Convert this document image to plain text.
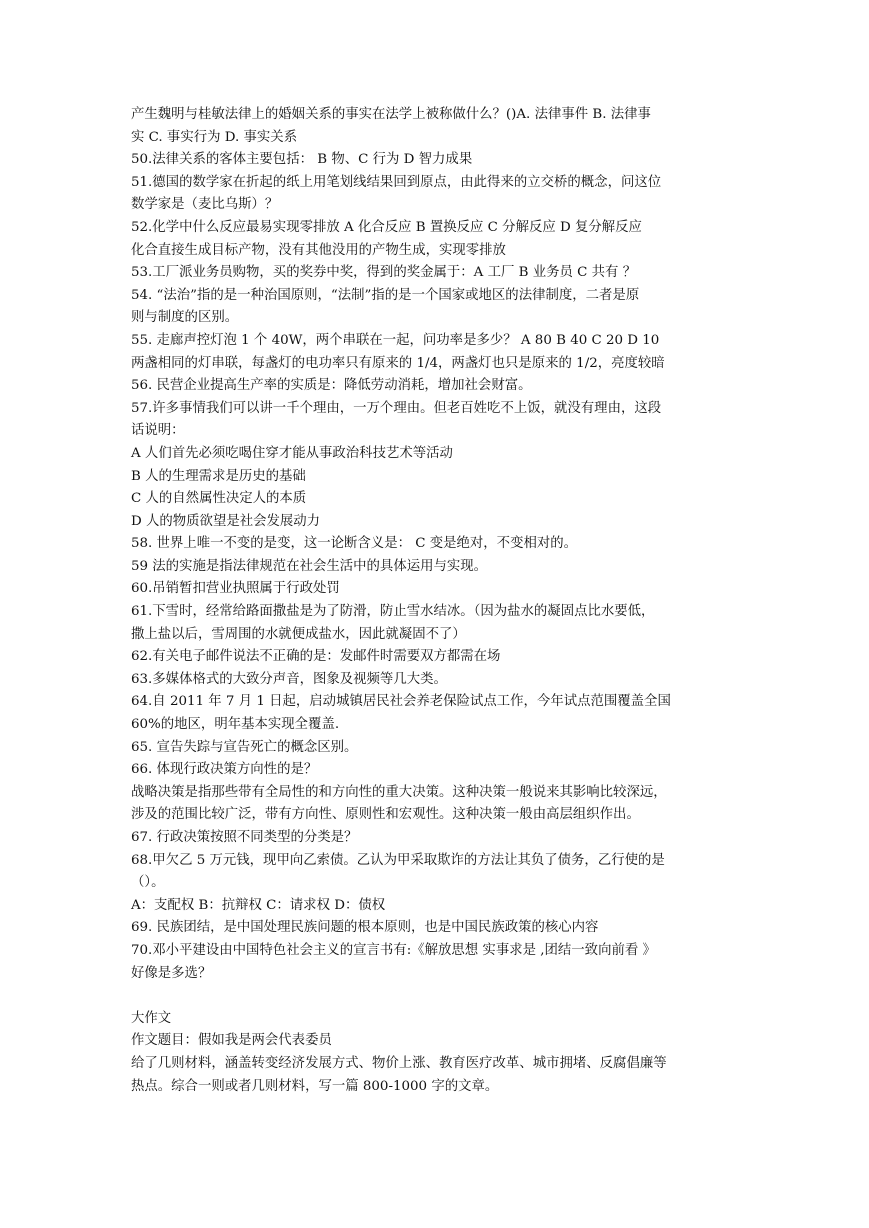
产生魏明与桂敏法律上的婚姻关系的事实在法学上被称做什么？()A. 法律事件 B. 法律事
实 C. 事实行为 D. 事实关系
50.法律关系的客体主要包括： B 物、C 行为 D 智力成果
51.德国的数学家在折起的纸上用笔划线结果回到原点，由此得来的立交桥的概念，问这位
数学家是（麦比乌斯）？
52.化学中什么反应最易实现零排放 A 化合反应 B 置换反应 C 分解反应 D 复分解反应
化合直接生成目标产物，没有其他没用的产物生成，实现零排放
53.工厂派业务员购物，买的奖券中奖，得到的奖金属于：A 工厂 B 业务员 C 共有 ？
54. “法治”指的是一种治国原则，“法制”指的是一个国家或地区的法律制度，二者是原
则与制度的区别。
55. 走廊声控灯泡 1 个 40W，两个串联在一起，问功率是多少？ A 80 B 40 C 20 D 10
两盏相同的灯串联，每盏灯的电功率只有原来的 1/4，两盏灯也只是原来的 1/2，亮度较暗
56. 民营企业提高生产率的实质是：降低劳动消耗，增加社会财富。
57.许多事情我们可以讲一千个理由，一万个理由。但老百姓吃不上饭，就没有理由，这段
话说明：
A 人们首先必须吃喝住穿才能从事政治科技艺术等活动
B 人的生理需求是历史的基础
C 人的自然属性决定人的本质
D 人的物质欲望是社会发展动力
58. 世界上唯一不变的是变，这一论断含义是： C 变是绝对，不变相对的。
59 法的实施是指法律规范在社会生活中的具体运用与实现。
60.吊销暂扣营业执照属于行政处罚
61.下雪时，经常给路面撒盐是为了防滑，防止雪水结冰。（因为盐水的凝固点比水要低，
撒上盐以后，雪周围的水就便成盐水，因此就凝固不了）
62.有关电子邮件说法不正确的是：发邮件时需要双方都需在场
63.多媒体格式的大致分声音，图象及视频等几大类。
64.自 2011 年 7 月 1 日起，启动城镇居民社会养老保险试点工作，今年试点范围覆盖全国
60%的地区，明年基本实现全覆盖.
65. 宣告失踪与宣告死亡的概念区别。
66. 体现行政决策方向性的是？
战略决策是指那些带有全局性的和方向性的重大决策。这种决策一般说来其影响比较深远，
涉及的范围比较广泛，带有方向性、原则性和宏观性。这种决策一般由高层组织作出。
67. 行政决策按照不同类型的分类是？
68.甲欠乙 5 万元钱，现甲向乙索债。乙认为甲采取欺诈的方法让其负了债务，乙行使的是
（）。
A：支配权 B：抗辩权 C：请求权 D：债权
69. 民族团结，是中国处理民族问题的根本原则，也是中国民族政策的核心内容
70.邓小平建设由中国特色社会主义的宣言书有:《解放思想 实事求是 ,团结一致向前看 》
好像是多选？
大作文
作文题目：假如我是两会代表委员
给了几则材料，涵盖转变经济发展方式、物价上涨、教育医疗改革、城市拥堵、反腐倡廉等
热点。综合一则或者几则材料，写一篇 800-1000 字的文章。
